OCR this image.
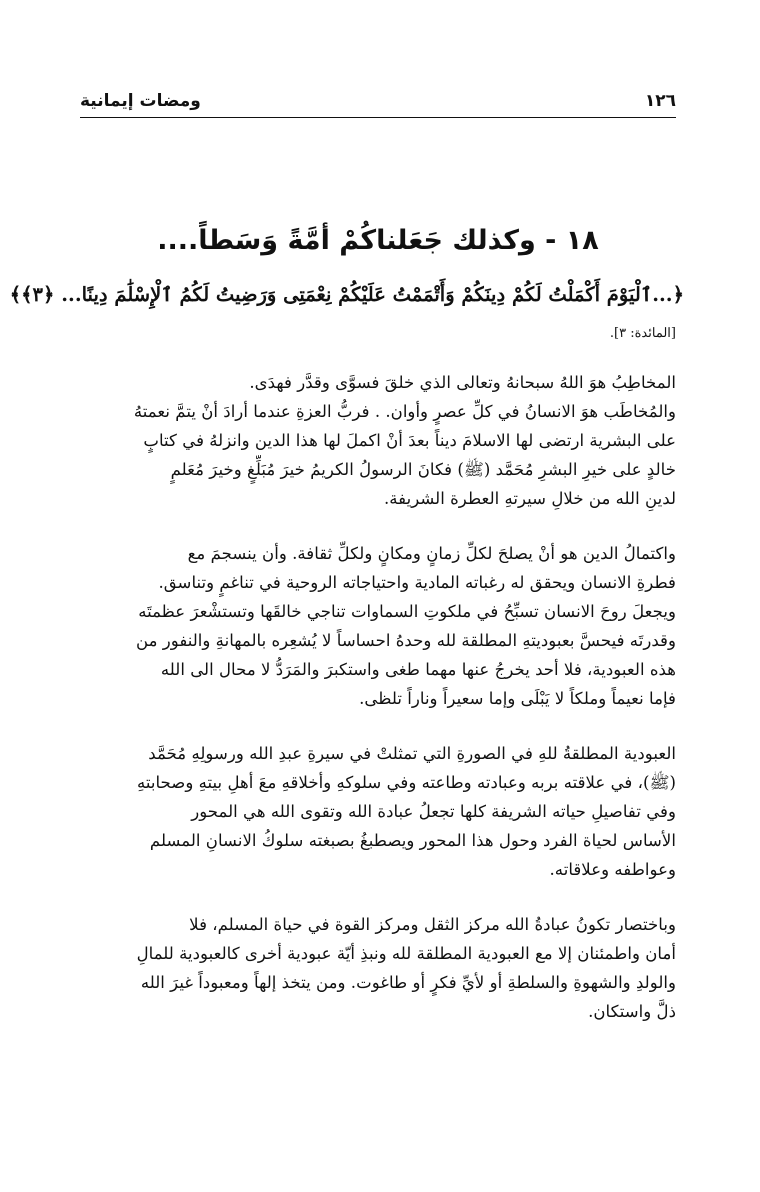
١٢٦
ومضات إيمانية
١٨ - وكذلك جَعَلناكُمْ أمَّةً وَسَطاً....
﴿...ٱلْيَوْمَ أَكْمَلْتُ لَكُمْ دِينَكُمْ وَأَتْمَمْتُ عَلَيْكُمْ نِعْمَتِى وَرَضِيتُ لَكُمُ ٱلْإِسْلَٰمَ دِينًا... ﴿٣﴾﴾
[المائدة: ٣].

المخاطِبُ هوَ اللهُ سبحانهُ وتعالى الذي خلقَ فسوَّى وقدَّر فهدَى.
والمُخاطَب هوَ الانسانُ في كلِّ عصرٍ وأوان. . فربُّ العزةِ عندما أرادَ أنْ يتمَّ نعمتهُ
على البشرية ارتضى لها الاسلامَ ديناً بعدَ أنْ اكملَ لها هذا الدين وانزلهُ في كتابٍ
خالدٍ على خيرِ البشرِ مُحَمَّد (ﷺ) فكانَ الرسولُ الكريمُ خيرَ مُبَلِّغٍ وخيرَ مُعَلمٍ
لدينِ الله من خلالِ سيرتهِ العطرة الشريفة.

واكتمالُ الدين هو أنْ يصلحَ لكلِّ زمانٍ ومكانٍ ولكلِّ ثقافة. وأن ينسجمَ مع
فطرةِ الانسان ويحقق له رغباته المادية واحتياجاته الروحية في تناغمٍ وتناسق.
ويجعلَ روحَ الانسان تسبِّحُ في ملكوتِ السماوات تناجي خالقَها وتستشْعرَ عظمتَه
وقدرتَه فيحسَّ بعبوديتهِ المطلقة لله وحدهُ احساساً لا يُشعِره بالمهانةِ والنفور من
هذه العبودية، فلا أحد يخرجُ عنها مهما طغى واستكبرَ والمَرَدُّ لا محال الى الله
فإما نعيماً وملكاً لا يَبْلَى وإما سعيراً وناراً تلظى.

العبودية المطلقةُ للهِ في الصورةِ التي تمثلتْ في سيرةِ عبدِ الله ورسولِهِ مُحَمَّد
(ﷺ)، في علاقته بربه وعبادته وطاعته وفي سلوكهِ وأخلاقهِ معَ أهلِ بيتهِ وصحابتهِ
وفي تفاصيلِ حياته الشريفة كلها تجعلُ عبادة الله وتقوى الله هي المحور
الأساس لحياة الفرد وحول هذا المحور ويصطبغُ بصبغته سلوكُ الانسانِ المسلم
وعواطفه وعلاقاته.

وباختصار تكونُ عبادةُ الله مركز الثقل ومركز القوة في حياة المسلم، فلا
أمان واطمئنان إلا مع العبودية المطلقة لله ونبذِ أيّة عبودية أخرى كالعبودية للمالِ
والولدِ والشهوةِ والسلطةِ أو لأيِّ فكرٍ أو طاغوت. ومن يتخذ إلهاً ومعبوداً غيرَ الله
ذلَّ واستكان.
